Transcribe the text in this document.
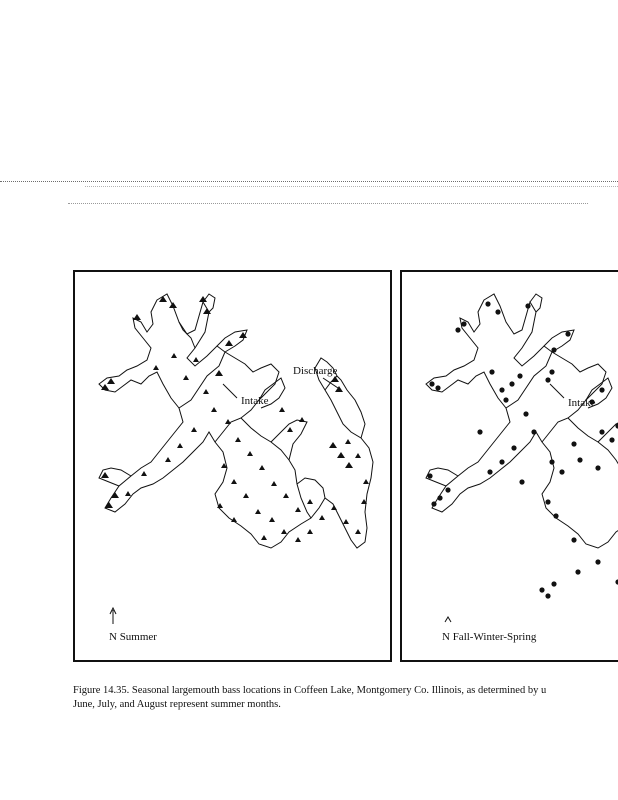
Intake
Discharge
N Summer
Intake
N Fall-Winter-Spring
Figure 14.35. Seasonal largemouth bass locations in Coffeen Lake, Montgomery Co. Illinois, as determined by u
June, July, and August represent summer months.
